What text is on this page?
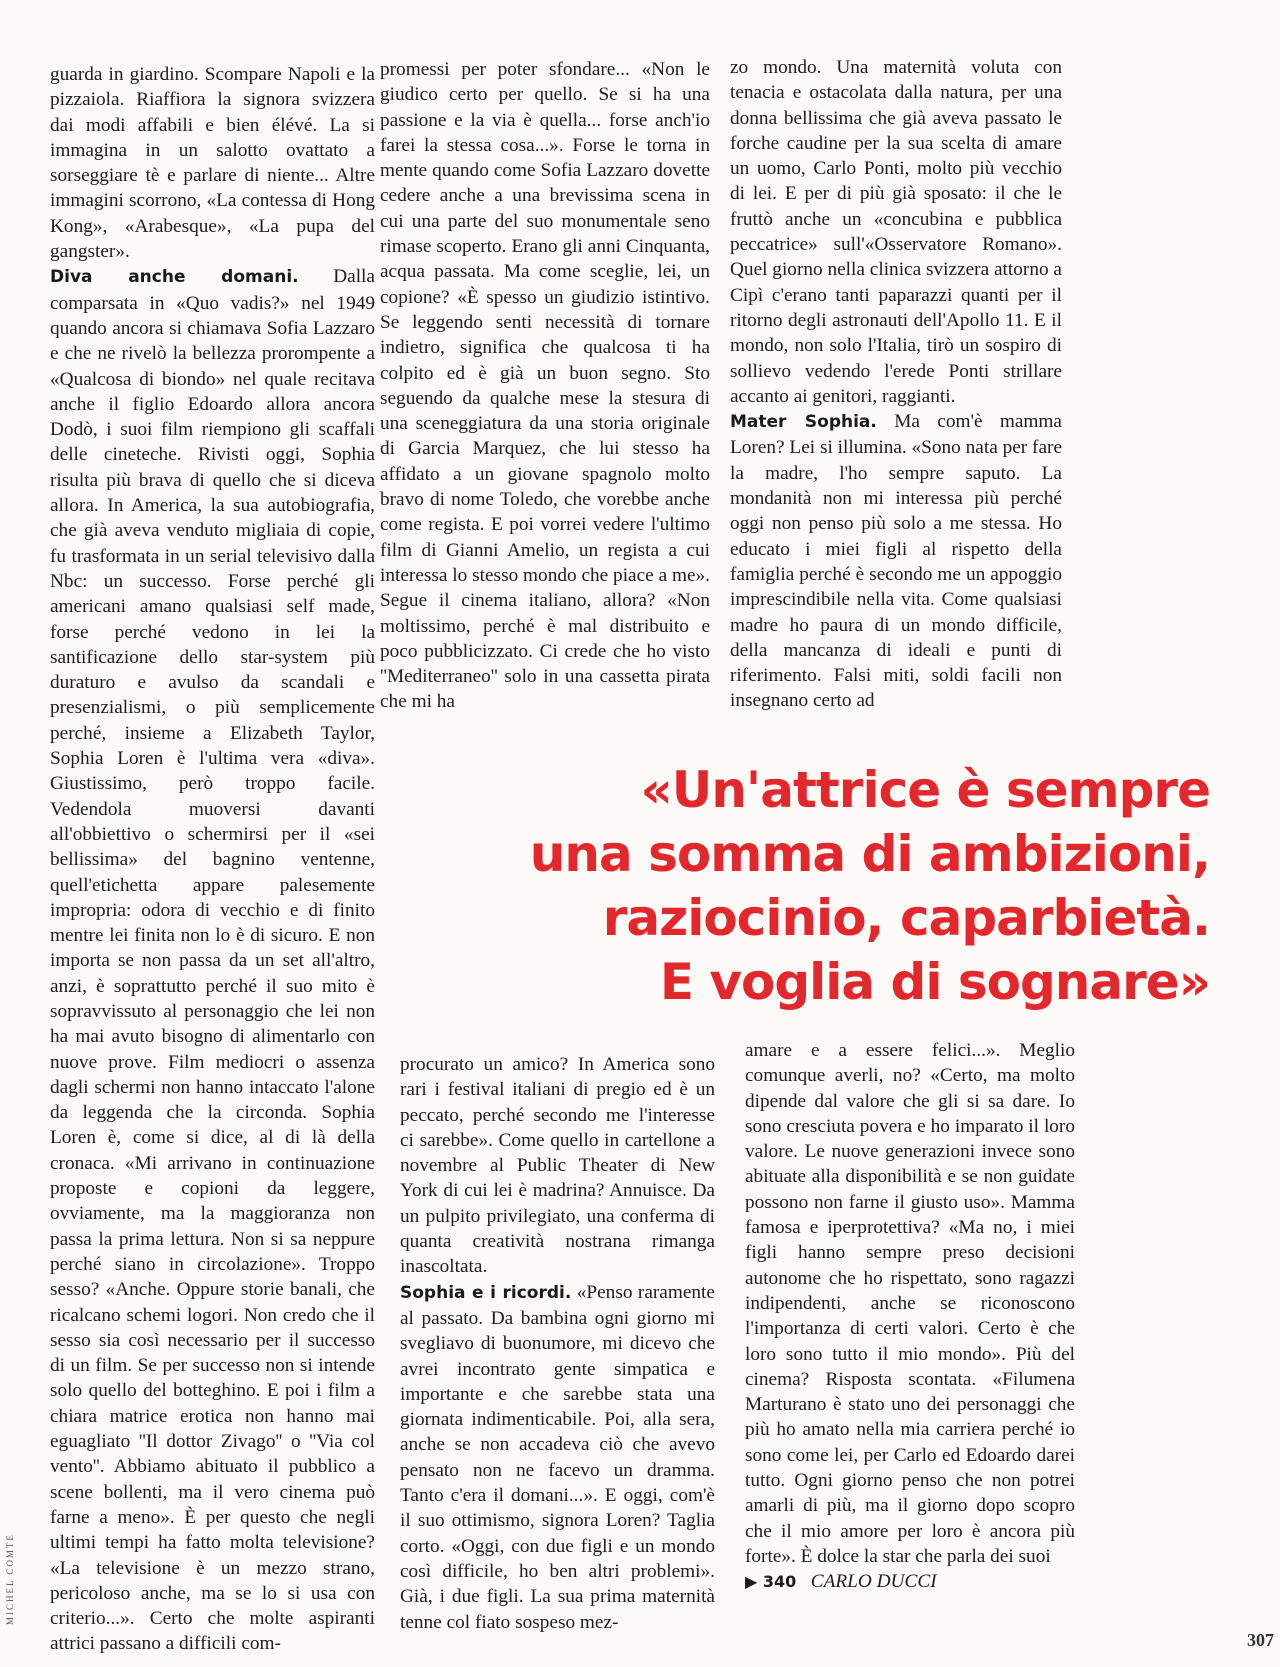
guarda in giardino. Scompare Napoli e la pizzaiola. Riaffiora la signora svizzera dai modi affabili e bien élévé. La si immagina in un salotto ovattato a sorseggiare tè e parlare di niente... Altre immagini scorrono, «La contessa di Hong Kong», «Arabesque», «La pupa del gangster».

Diva anche domani. Dalla comparsata in «Quo vadis?» nel 1949 quando ancora si chiamava Sofia Lazzaro e che ne rivelò la bellezza prorompente a «Qualcosa di biondo» nel quale recitava anche il figlio Edoardo allora ancora Dodò, i suoi film riempiono gli scaffali delle cineteche. Rivisti oggi, Sophia risulta più brava di quello che si diceva allora. In America, la sua autobiografia, che già aveva venduto migliaia di copie, fu trasformata in un serial televisivo dalla Nbc: un successo. Forse perché gli americani amano qualsiasi self made, forse perché vedono in lei la santificazione dello star-system più duraturo e avulso da scandali e presenzialismi, o più semplicemente perché, insieme a Elizabeth Taylor, Sophia Loren è l'ultima vera «diva». Giustissimo, però troppo facile. Vedendola muoversi davanti all'obbiettivo o schermirsi per il «sei bellissima» del bagnino ventenne, quell'etichetta appare palesemente impropria: odora di vecchio e di finito mentre lei finita non lo è di sicuro. E non importa se non passa da un set all'altro, anzi, è soprattutto perché il suo mito è sopravvissuto al personaggio che lei non ha mai avuto bisogno di alimentarlo con nuove prove. Film mediocri o assenza dagli schermi non hanno intaccato l'alone da leggenda che la circonda. Sophia Loren è, come si dice, al di là della cronaca. «Mi arrivano in continuazione proposte e copioni da leggere, ovviamente, ma la maggioranza non passa la prima lettura. Non si sa neppure perché siano in circolazione». Troppo sesso? «Anche. Oppure storie banali, che ricalcano schemi logori. Non credo che il sesso sia così necessario per il successo di un film. Se per successo non si intende solo quello del botteghino. E poi i film a chiara matrice erotica non hanno mai eguagliato ''Il dottor Zivago'' o ''Via col vento''. Abbiamo abituato il pubblico a scene bollenti, ma il vero cinema può farne a meno». È per questo che negli ultimi tempi ha fatto molta televisione? «La televisione è un mezzo strano, pericoloso anche, ma se lo si usa con criterio...». Certo che molte aspiranti attrici passano a difficili com-

promessi per poter sfondare... «Non le giudico certo per quello. Se si ha una passione e la via è quella... forse anch'io farei la stessa cosa...». Forse le torna in mente quando come Sofia Lazzaro dovette cedere anche a una brevissima scena in cui una parte del suo monumentale seno rimase scoperto. Erano gli anni Cinquanta, acqua passata. Ma come sceglie, lei, un copione? «È spesso un giudizio istintivo. Se leggendo senti necessità di tornare indietro, significa che qualcosa ti ha colpito ed è già un buon segno. Sto seguendo da qualche mese la stesura di una sceneggiatura da una storia originale di Garcia Marquez, che lui stesso ha affidato a un giovane spagnolo molto bravo di nome Toledo, che vorebbe anche come regista. E poi vorrei vedere l'ultimo film di Gianni Amelio, un regista a cui interessa lo stesso mondo che piace a me». Segue il cinema italiano, allora? «Non moltissimo, perché è mal distribuito e poco pubblicizzato. Ci crede che ho visto ''Mediterraneo'' solo in una cassetta pirata che mi ha

zo mondo. Una maternità voluta con tenacia e ostacolata dalla natura, per una donna bellissima che già aveva passato le forche caudine per la sua scelta di amare un uomo, Carlo Ponti, molto più vecchio di lei. E per di più già sposato: il che le fruttò anche un «concubina e pubblica peccatrice» sull'«Osservatore Romano». Quel giorno nella clinica svizzera attorno a Cipì c'erano tanti paparazzi quanti per il ritorno degli astronauti dell'Apollo 11. E il mondo, non solo l'Italia, tirò un sospiro di sollievo vedendo l'erede Ponti strillare accanto ai genitori, raggianti.

Mater Sophia. Ma com'è mamma Loren? Lei si illumina. «Sono nata per fare la madre, l'ho sempre saputo. La mondanità non mi interessa più perché oggi non penso più solo a me stessa. Ho educato i miei figli al rispetto della famiglia perché è secondo me un appoggio imprescindibile nella vita. Come qualsiasi madre ho paura di un mondo difficile, della mancanza di ideali e punti di riferimento. Falsi miti, soldi facili non insegnano certo ad

«Un'attrice è sempre
una somma di ambizioni,
raziocinio, caparbietà.
E voglia di sognare»

procurato un amico? In America sono rari i festival italiani di pregio ed è un peccato, perché secondo me l'interesse ci sarebbe». Come quello in cartellone a novembre al Public Theater di New York di cui lei è madrina? Annuisce. Da un pulpito privilegiato, una conferma di quanta creatività nostrana rimanga inascoltata.

Sophia e i ricordi. «Penso raramente al passato. Da bambina ogni giorno mi svegliavo di buonumore, mi dicevo che avrei incontrato gente simpatica e importante e che sarebbe stata una giornata indimenticabile. Poi, alla sera, anche se non accadeva ciò che avevo pensato non ne facevo un dramma. Tanto c'era il domani...». E oggi, com'è il suo ottimismo, signora Loren? Taglia corto. «Oggi, con due figli e un mondo così difficile, ho ben altri problemi». Già, i due figli. La sua prima maternità tenne col fiato sospeso mez-

amare e a essere felici...». Meglio comunque averli, no? «Certo, ma molto dipende dal valore che gli si sa dare. Io sono cresciuta povera e ho imparato il loro valore. Le nuove generazioni invece sono abituate alla disponibilità e se non guidate possono non farne il giusto uso». Mamma famosa e iperprotettiva? «Ma no, i miei figli hanno sempre preso decisioni autonome che ho rispettato, sono ragazzi indipendenti, anche se riconoscono l'importanza di certi valori. Certo è che loro sono tutto il mio mondo». Più del cinema? Risposta scontata. «Filumena Marturano è stato uno dei personaggi che più ho amato nella mia carriera perché io sono come lei, per Carlo ed Edoardo darei tutto. Ogni giorno penso che non potrei amarli di più, ma il giorno dopo scopro che il mio amore per loro è ancora più forte». È dolce la star che parla dei suoi

▶ 340 CARLO DUCCI

MICHEL COMTE
307
